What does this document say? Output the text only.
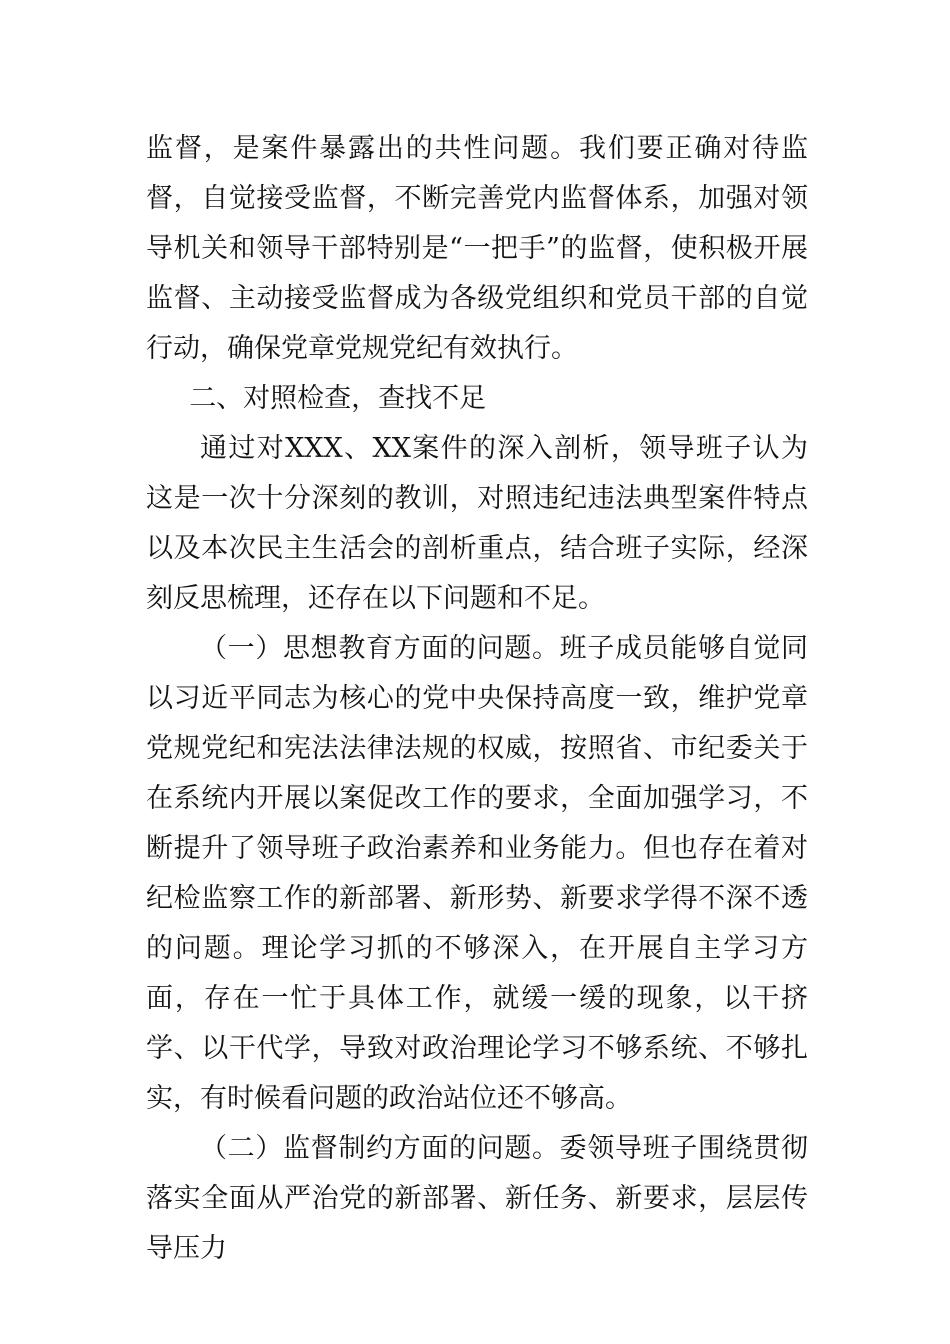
监督，是案件暴露出的共性问题。我们要正确对待监督，自觉接受监督，不断完善党内监督体系，加强对领导机关和领导干部特别是“一把手”的监督，使积极开展监督、主动接受监督成为各级党组织和党员干部的自觉行动，确保党章党规党纪有效执行。

二、对照检查，查找不足

通过对XXX、XX案件的深入剖析，领导班子认为这是一次十分深刻的教训，对照违纪违法典型案件特点以及本次民主生活会的剖析重点，结合班子实际，经深刻反思梳理，还存在以下问题和不足。

（一）思想教育方面的问题。班子成员能够自觉同以习近平同志为核心的党中央保持高度一致，维护党章党规党纪和宪法法律法规的权威，按照省、市纪委关于在系统内开展以案促改工作的要求，全面加强学习，不断提升了领导班子政治素养和业务能力。但也存在着对纪检监察工作的新部署、新形势、新要求学得不深不透的问题。理论学习抓的不够深入，在开展自主学习方面，存在一忙于具体工作，就缓一缓的现象，以干挤学、以干代学，导致对政治理论学习不够系统、不够扎实，有时候看问题的政治站位还不够高。

（二）监督制约方面的问题。委领导班子围绕贯彻落实全面从严治党的新部署、新任务、新要求，层层传导压力
